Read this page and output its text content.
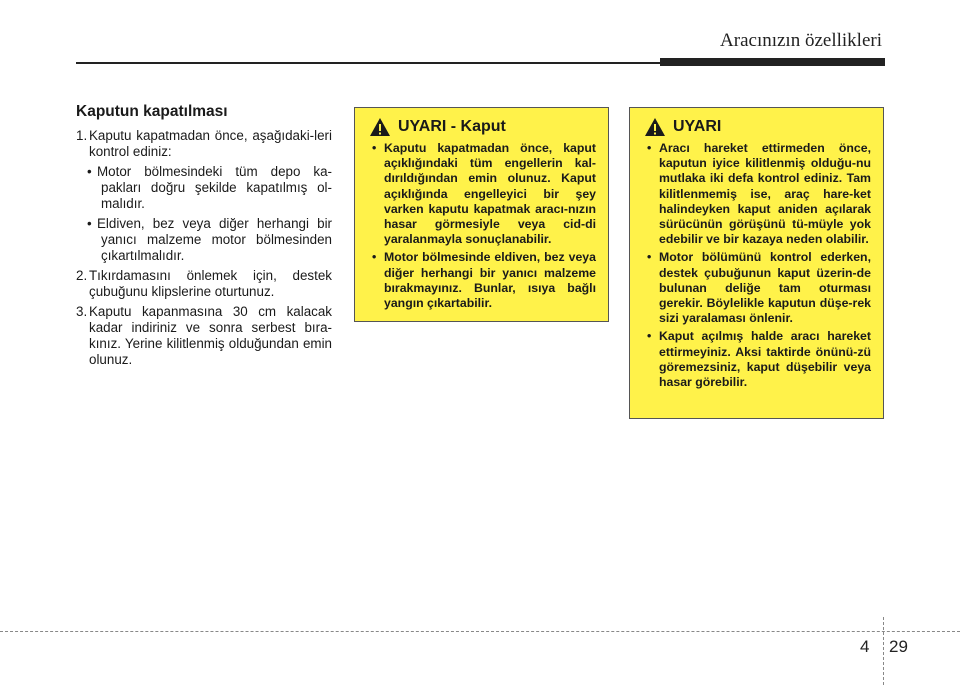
Aracınızın özellikleri
Kaputun kapatılması
1. Kaputu kapatmadan önce, aşağıdaki-leri kontrol ediniz:
• Motor bölmesindeki tüm depo ka-pakları doğru şekilde kapatılmış ol-malıdır.
• Eldiven, bez veya diğer herhangi bir yanıcı malzeme motor bölmesinden çıkartılmalıdır.
2. Tıkırdamasını önlemek için, destek çubuğunu klipslerine oturtunuz.
3. Kaputu kapanmasına 30 cm kalacak kadar indiriniz ve sonra serbest bıra-kınız. Yerine kilitlenmiş olduğundan emin olunuz.
UYARI - Kaput
• Kaputu kapatmadan önce, kaput açıklığındaki tüm engellerin kal-dırıldığından emin olunuz. Kaput açıklığında engelleyici bir şey varken kaputu kapatmak aracı-nızın hasar görmesiyle veya cid-di yaralanmayla sonuçlanabilir.
• Motor bölmesinde eldiven, bez veya diğer herhangi bir yanıcı malzeme bırakmayınız. Bunlar, ısıya bağlı yangın çıkartabilir.
UYARI
• Aracı hareket ettirmeden önce, kaputun iyice kilitlenmiş olduğu-nu mutlaka iki defa kontrol ediniz. Tam kilitlenmemiş ise, araç hare-ket halindeyken kaput aniden açılarak sürücünün görüşünü tü-müyle yok edebilir ve bir kazaya neden olabilir.
• Motor bölümünü kontrol ederken, destek çubuğunun kaput üzerin-de bulunan deliğe tam oturması gerekir. Böylelikle kaputun düşe-rek sizi yaralaması önlenir.
• Kaput açılmış halde aracı hareket ettirmeyiniz. Aksi taktirde önünü-zü göremezsiniz, kaput düşebilir veya hasar görebilir.
4 29
